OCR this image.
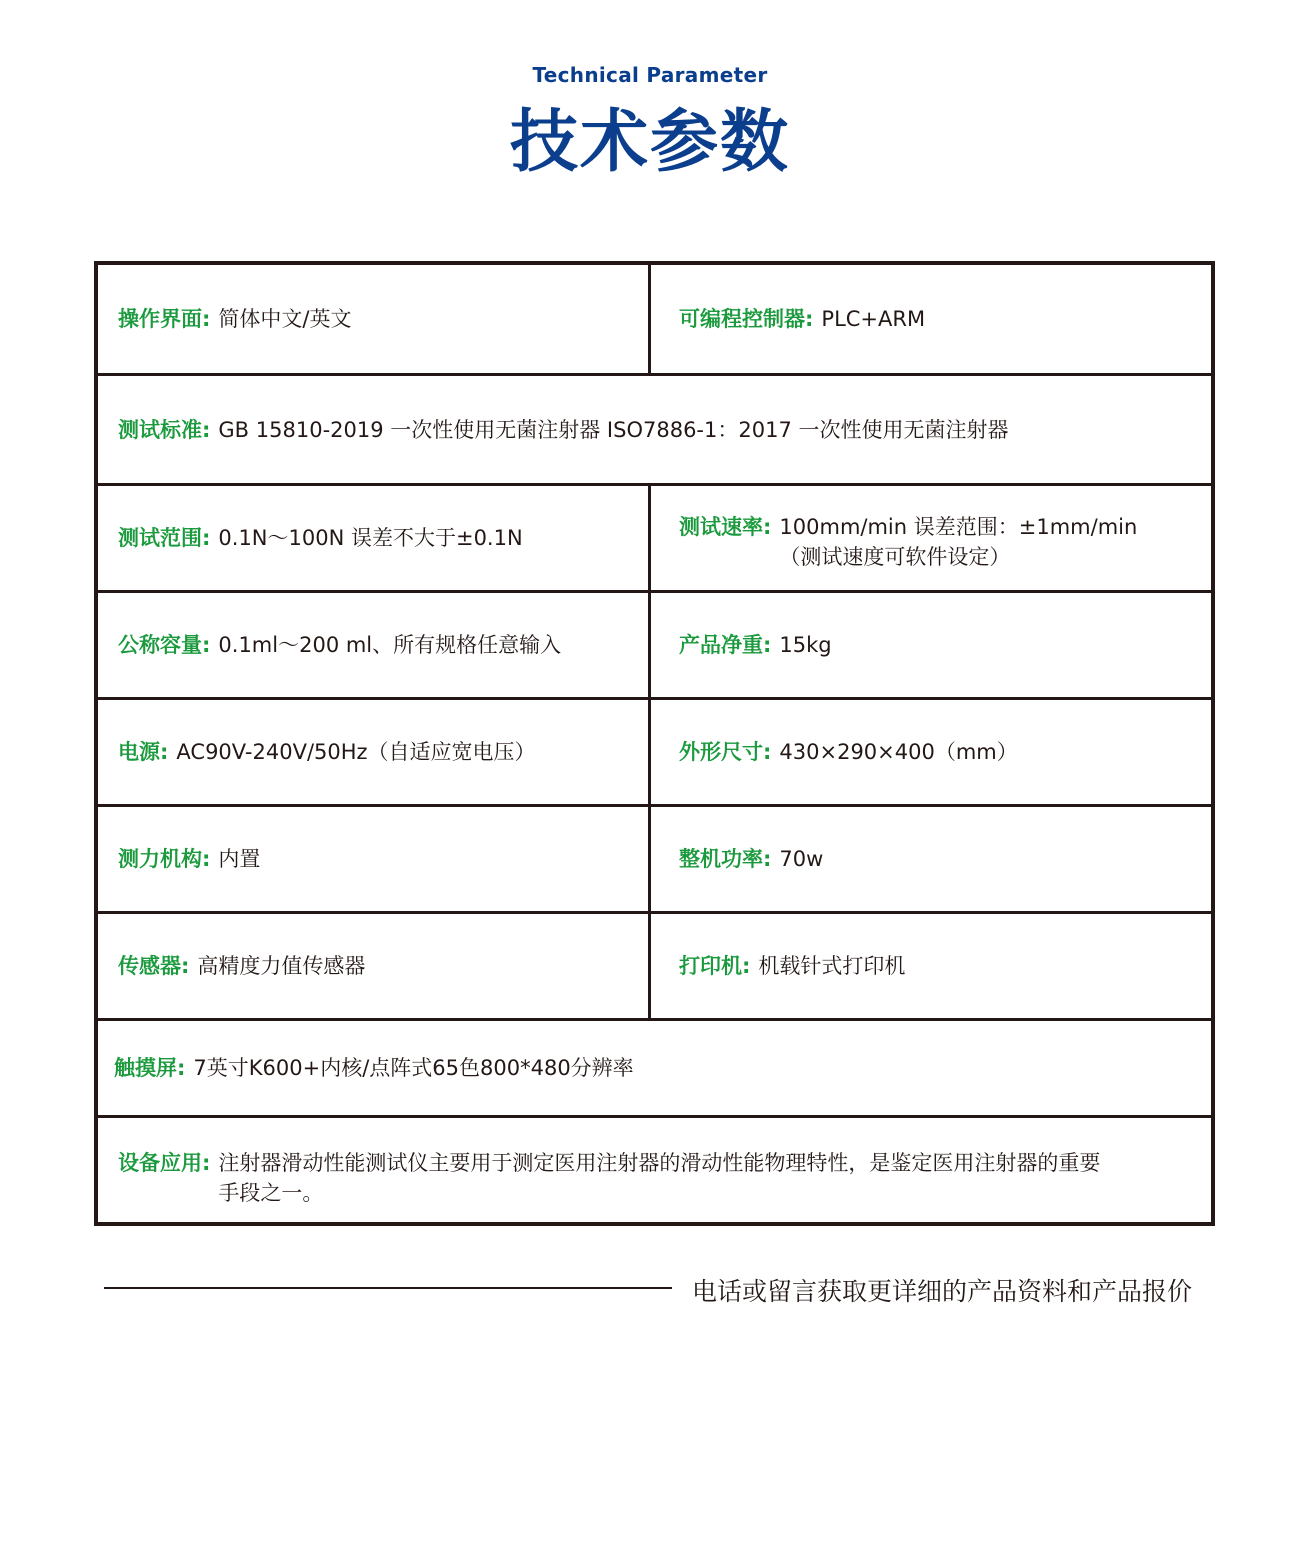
Technical Parameter
技术参数
操作界面: 简体中文/英文	可编程控制器: PLC+ARM
测试标准: GB 15810-2019 一次性使用无菌注射器 ISO7886-1：2017 一次性使用无菌注射器
测试范围: 0.1N～100N 误差不大于±0.1N	测试速率: 100mm/min 误差范围：±1mm/min
（测试速度可软件设定）
公称容量: 0.1ml～200 ml、所有规格任意输入	产品净重: 15kg
电源: AC90V-240V/50Hz（自适应宽电压）	外形尺寸: 430×290×400（mm）
测力机构: 内置	整机功率: 70w
传感器: 高精度力值传感器	打印机: 机载针式打印机
触摸屏: 7英寸K600+内核/点阵式65色800*480分辨率
设备应用: 注射器滑动性能测试仪主要用于测定医用注射器的滑动性能物理特性，是鉴定医用注射器的重要
手段之一。
电话或留言获取更详细的产品资料和产品报价
